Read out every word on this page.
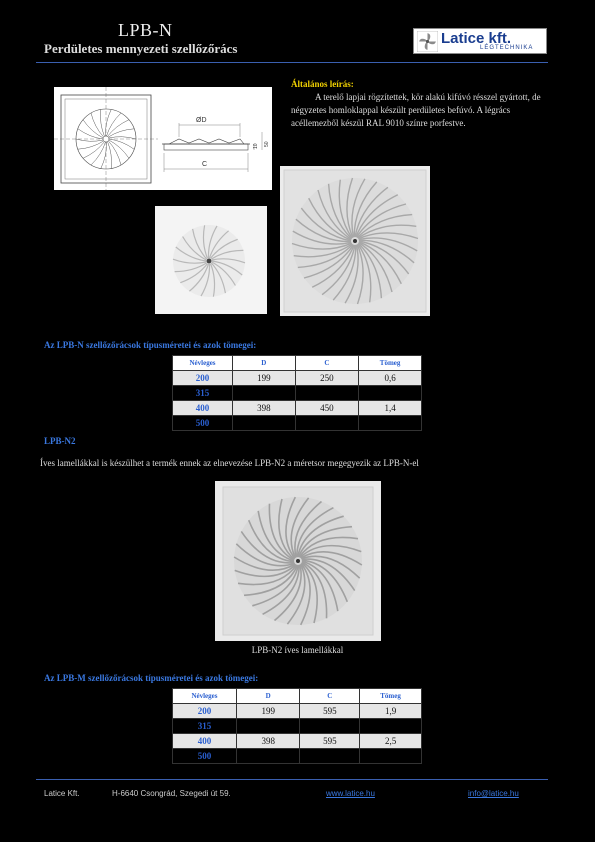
LPB-N
Perdületes mennyezeti szellőzőrács
Latice kft.
LÉGTECHNIKA
ØD
C
10 50
Általános leírás:
A terelő lapjai rögzítettek, kör alakú kifúvó résszel gyártott, de négyzetes homloklappal készült perdületes befúvó. A légrács acéllemezből készül RAL 9010 színre porfestve.
Az LPB-N szellőzőrácsok típusméretei és azok tömegei:
Névleges	D	C	Tömeg
200	199	250	0,6
315			
400	398	450	1,4
500			
LPB-N2
Íves lamellákkal is készülhet a termék ennek az elnevezése LPB-N2 a méretsor megegyezik az LPB-N-el
LPB-N2 íves lamellákkal
Az LPB-M szellőzőrácsok típusméretei és azok tömegei:
Névleges	D	C	Tömeg
200	199	595	1,9
315			
400	398	595	2,5
500			
Latice Kft.	H-6640 Csongrád, Szegedi út 59.	www.latice.hu	info@latice.hu
